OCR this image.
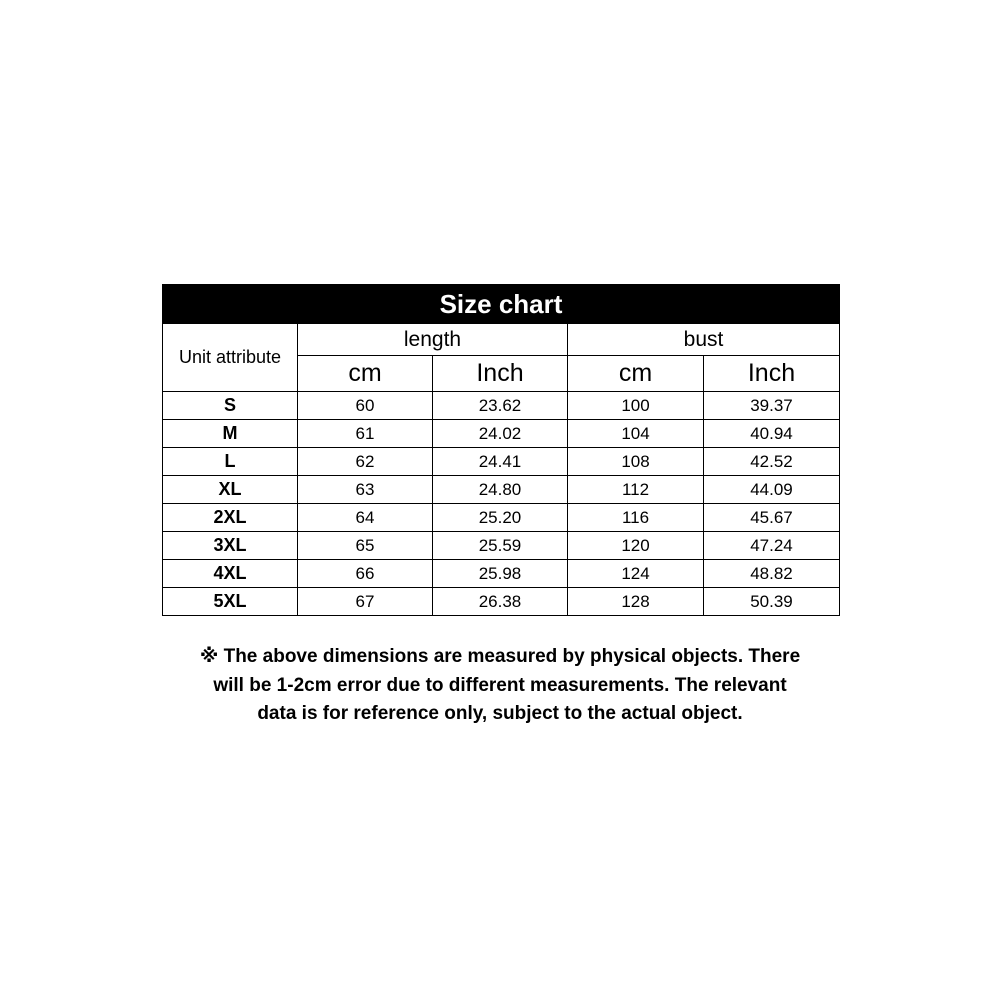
Size chart				
Unit attribute	length		bust	
	cm	Inch	cm	Inch
S	60	23.62	100	39.37
M	61	24.02	104	40.94
L	62	24.41	108	42.52
XL	63	24.80	112	44.09
2XL	64	25.20	116	45.67
3XL	65	25.59	120	47.24
4XL	66	25.98	124	48.82
5XL	67	26.38	128	50.39

※ The above dimensions are measured by physical objects. There
will be 1-2cm error due to different measurements. The relevant
data is for reference only, subject to the actual object.
